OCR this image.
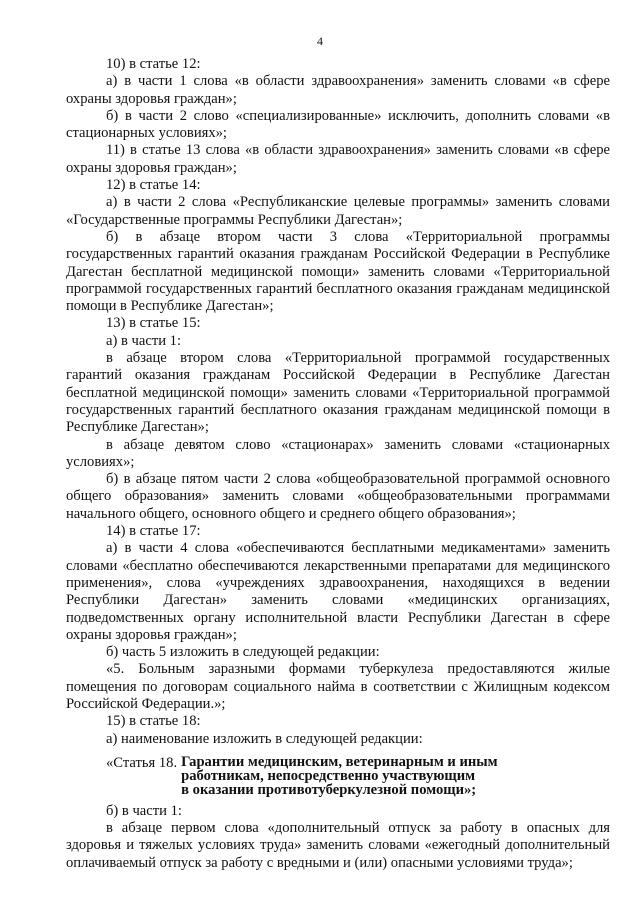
4

10) в статье 12:

а) в части 1 слова «в области здравоохранения» заменить словами «в сфере охраны здоровья граждан»;

б) в части 2 слово «специализированные» исключить, дополнить словами «в стационарных условиях»;

11) в статье 13 слова «в области здравоохранения» заменить словами «в сфере охраны здоровья граждан»;

12) в статье 14:

а) в части 2 слова «Республиканские целевые программы» заменить словами «Государственные программы Республики Дагестан»;

б) в абзаце втором части 3 слова «Территориальной программы государственных гарантий оказания гражданам Российской Федерации в Республике Дагестан бесплатной медицинской помощи» заменить словами «Территориальной программой государственных гарантий бесплатного оказания гражданам медицинской помощи в Республике Дагестан»;

13) в статье 15:

а) в части 1:

в абзаце втором слова «Территориальной программой государственных гарантий оказания гражданам Российской Федерации в Республике Дагестан бесплатной медицинской помощи» заменить словами «Территориальной программой государственных гарантий бесплатного оказания гражданам медицинской помощи в Республике Дагестан»;

в абзаце девятом слово «стационарах» заменить словами «стационарных условиях»;

б) в абзаце пятом части 2 слова «общеобразовательной программой основного общего образования» заменить словами «общеобразовательными программами начального общего, основного общего и среднего общего образования»;

14) в статье 17:

а) в части 4 слова «обеспечиваются бесплатными медикаментами» заменить словами «бесплатно обеспечиваются лекарственными препаратами для медицинского применения», слова «учреждениях здравоохранения, находящихся в ведении Республики Дагестан» заменить словами «медицинских организациях, подведомственных органу исполнительной власти Республики Дагестан в сфере охраны здоровья граждан»;

б) часть 5 изложить в следующей редакции:

«5. Больным заразными формами туберкулеза предоставляются жилые помещения по договорам социального найма в соответствии с Жилищным кодексом Российской Федерации.»;

15) в статье 18:

а) наименование изложить в следующей редакции:

«Статья 18. Гарантии медицинским, ветеринарным и иным
работникам, непосредственно участвующим
в оказании противотуберкулезной помощи»;

б) в части 1:

в абзаце первом слова «дополнительный отпуск за работу в опасных для здоровья и тяжелых условиях труда» заменить словами «ежегодный дополнительный оплачиваемый отпуск за работу с вредными и (или) опасными условиями труда»;
